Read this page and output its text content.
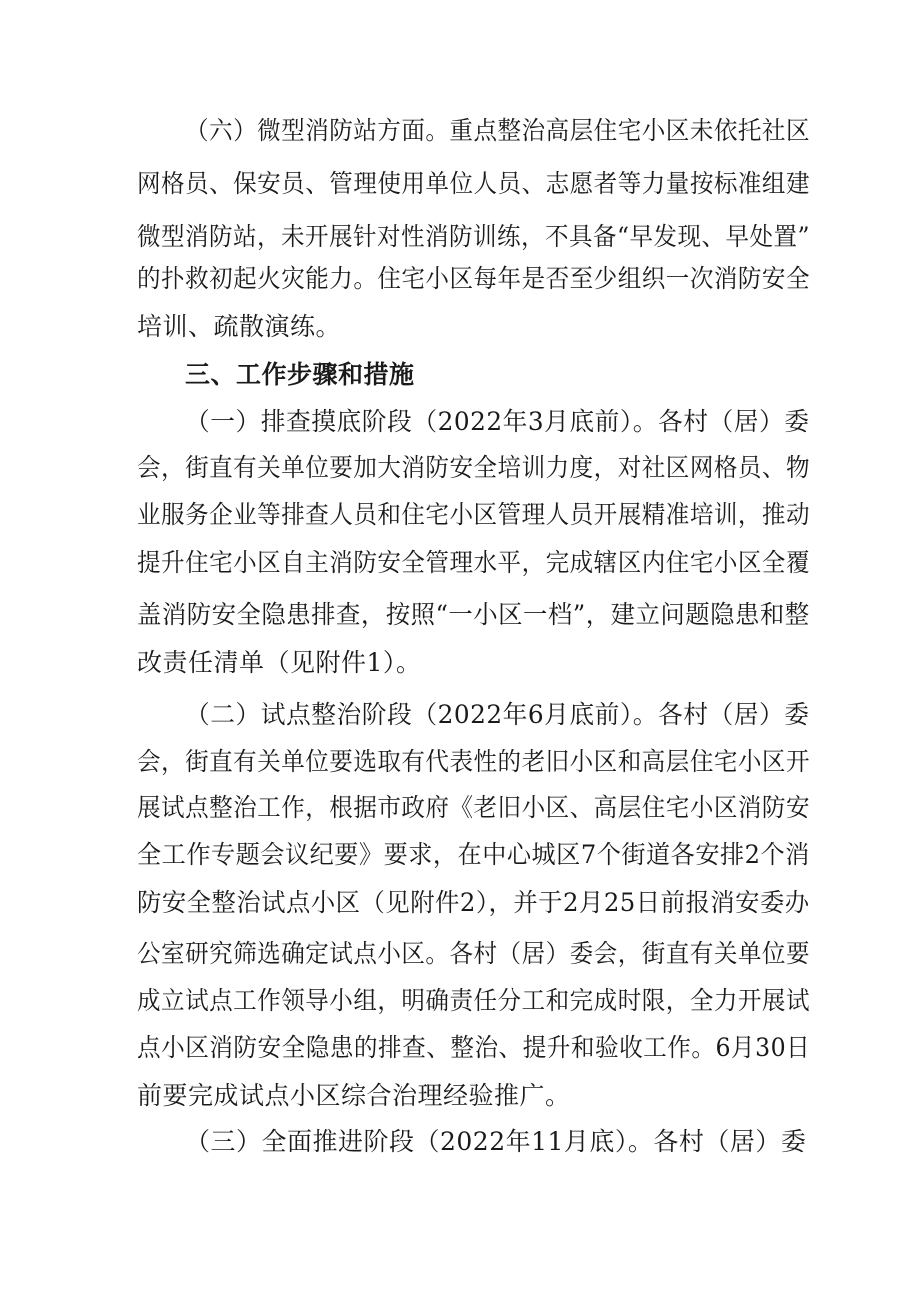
（六）微型消防站方面。重点整治高层住宅小区未依托社区
网格员、保安员、管理使用单位人员、志愿者等力量按标准组建
微型消防站，未开展针对性消防训练，不具备“早发现、早处置”
的扑救初起火灾能力。住宅小区每年是否至少组织一次消防安全
培训、疏散演练。
三、工作步骤和措施
（一）排查摸底阶段（2022年3月底前）。各村（居）委
会，街直有关单位要加大消防安全培训力度，对社区网格员、物
业服务企业等排查人员和住宅小区管理人员开展精准培训，推动
提升住宅小区自主消防安全管理水平，完成辖区内住宅小区全覆
盖消防安全隐患排查，按照“一小区一档”，建立问题隐患和整
改责任清单（见附件1）。
（二）试点整治阶段（2022年6月底前）。各村（居）委
会，街直有关单位要选取有代表性的老旧小区和高层住宅小区开
展试点整治工作，根据市政府《老旧小区、高层住宅小区消防安
全工作专题会议纪要》要求，在中心城区7个街道各安排2个消
防安全整治试点小区（见附件2），并于2月25日前报消安委办
公室研究筛选确定试点小区。各村（居）委会，街直有关单位要
成立试点工作领导小组，明确责任分工和完成时限，全力开展试
点小区消防安全隐患的排查、整治、提升和验收工作。6月30日
前要完成试点小区综合治理经验推广。
（三）全面推进阶段（2022年11月底）。各村（居）委
